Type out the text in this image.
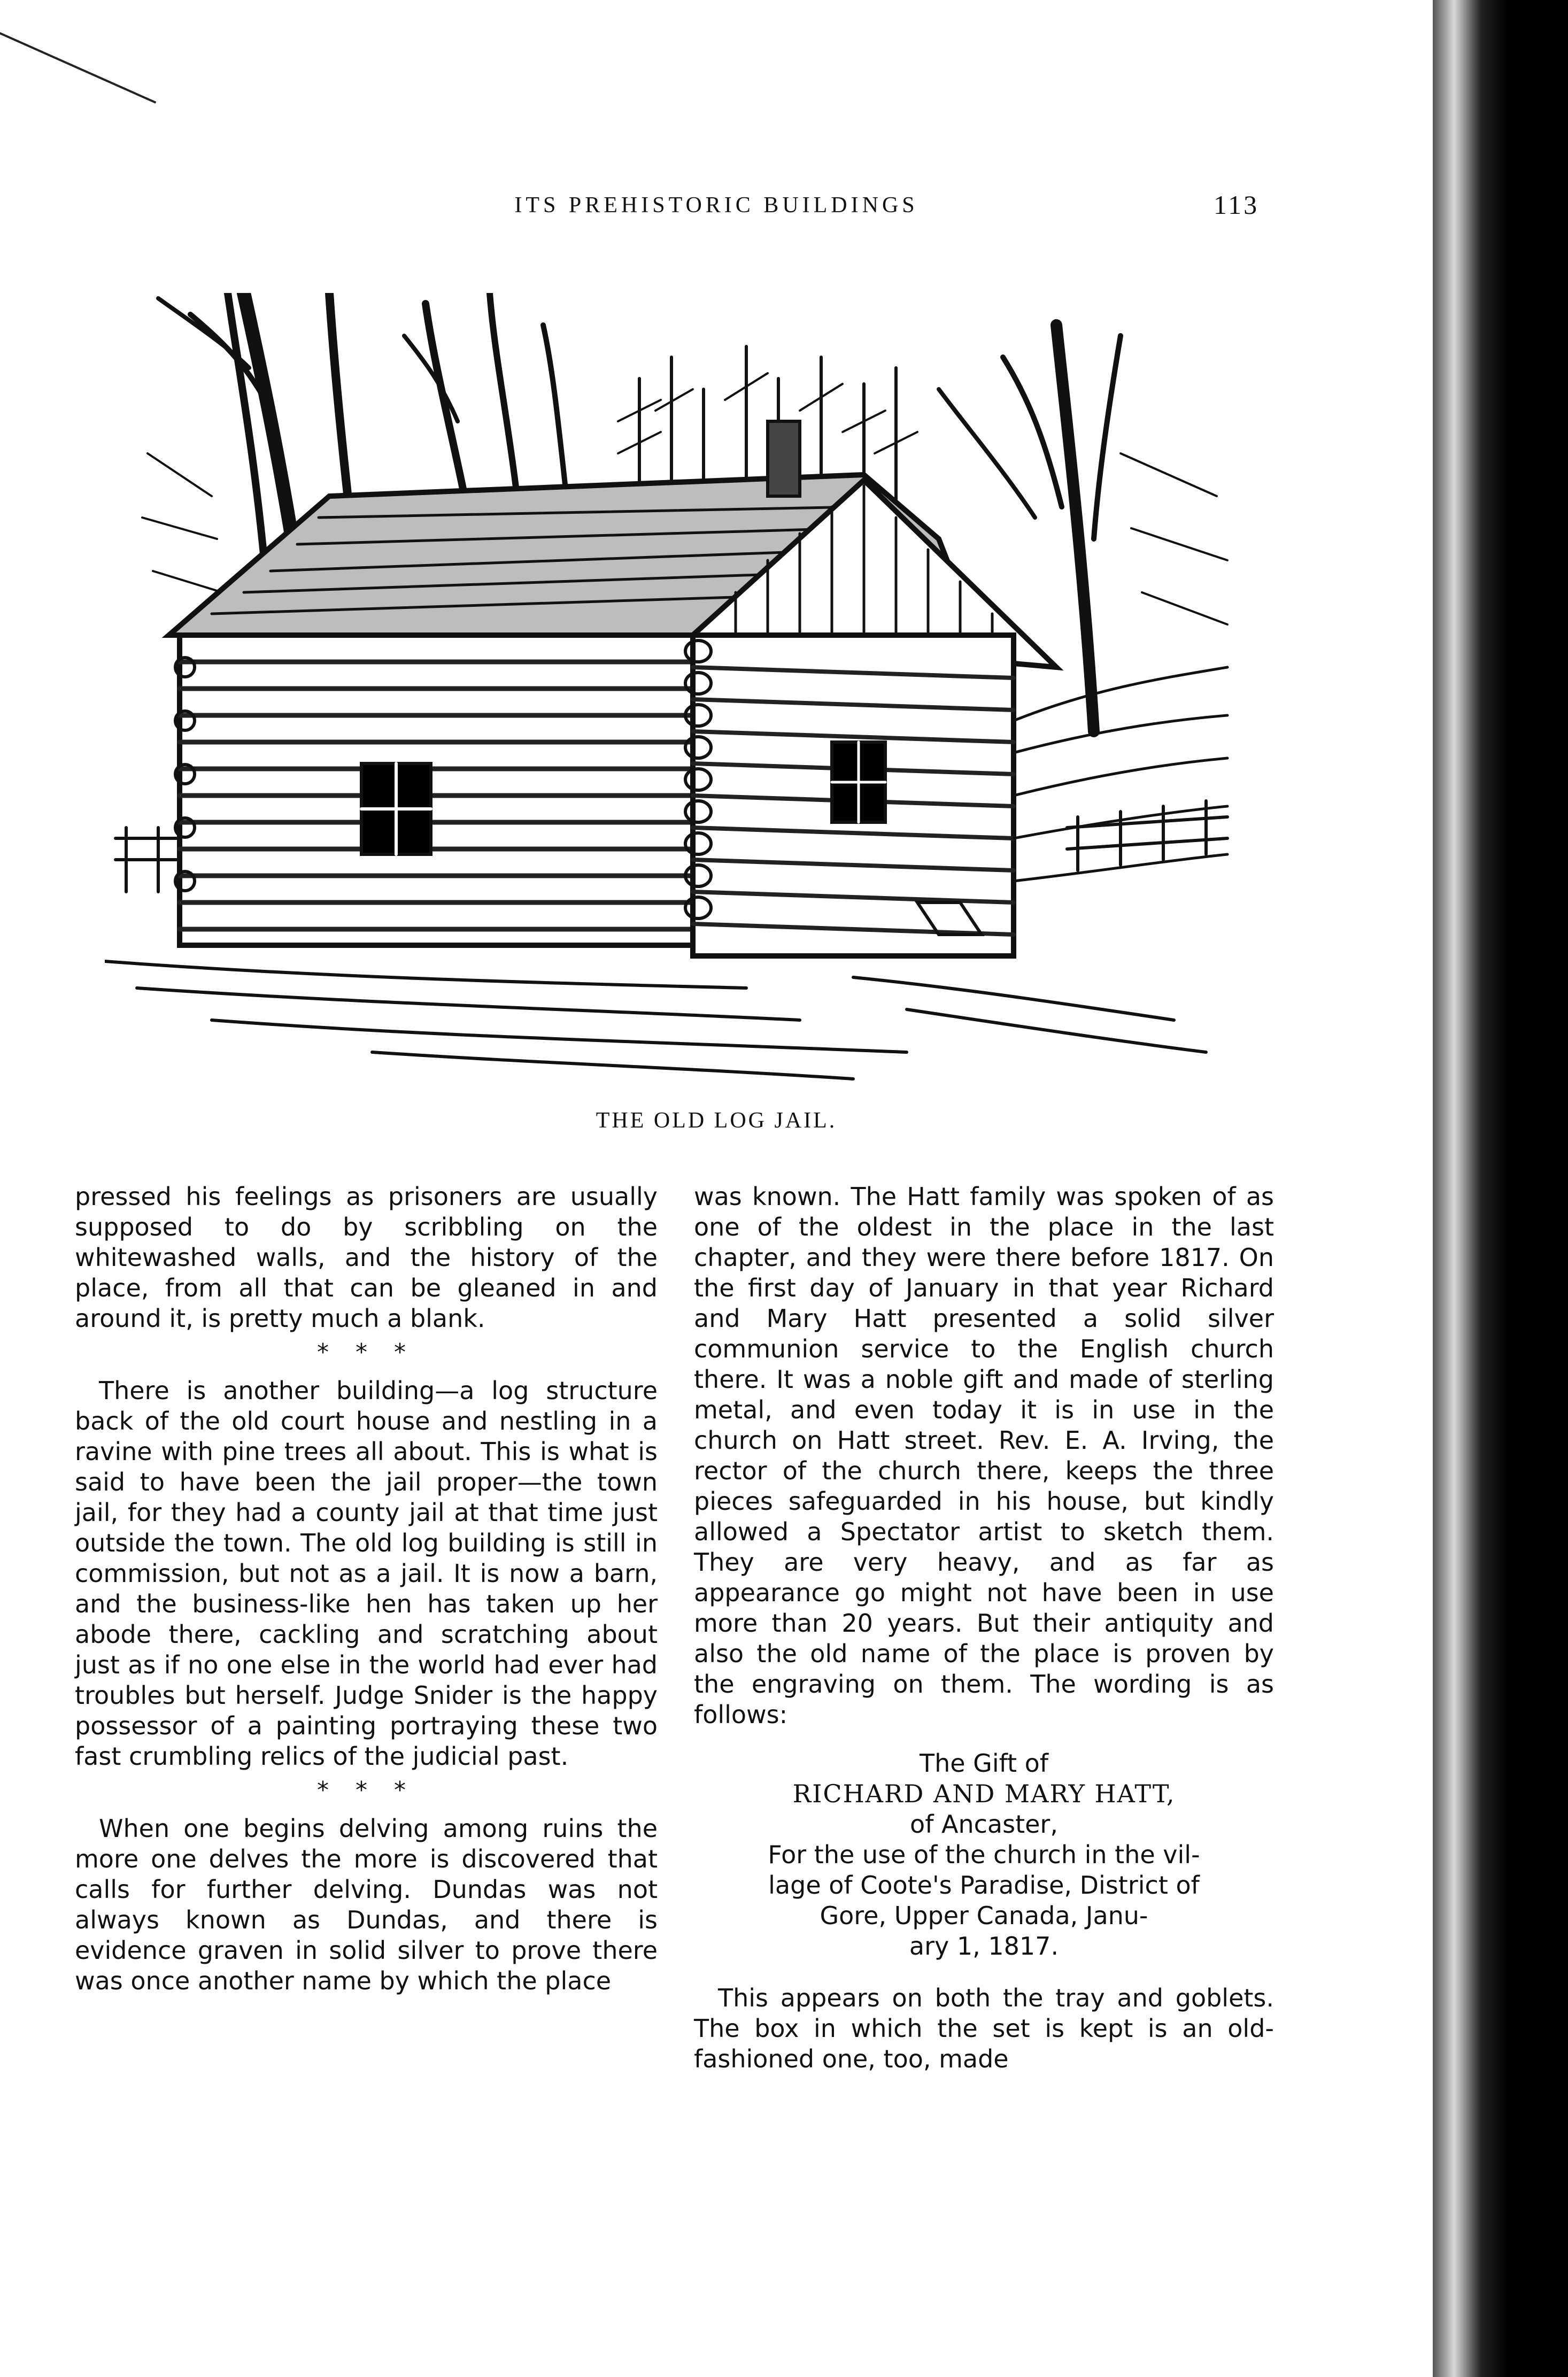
ITS PREHISTORIC BUILDINGS	113
THE OLD LOG JAIL.

pressed his feelings as prisoners are usually supposed to do by scribbling on the whitewashed walls, and the history of the place, from all that can be gleaned in and around it, is pretty much a blank.

* * *

There is another building—a log structure back of the old court house and nestling in a ravine with pine trees all about. This is what is said to have been the jail proper—the town jail, for they had a county jail at that time just outside the town. The old log building is still in commission, but not as a jail. It is now a barn, and the business-like hen has taken up her abode there, cackling and scratching about just as if no one else in the world had ever had troubles but herself. Judge Snider is the happy possessor of a painting portraying these two fast crumbling relics of the judicial past.

* * *

When one begins delving among ruins the more one delves the more is discovered that calls for further delving. Dundas was not always known as Dundas, and there is evidence graven in solid silver to prove there was once another name by which the place

was known. The Hatt family was spoken of as one of the oldest in the place in the last chapter, and they were there before 1817. On the first day of January in that year Richard and Mary Hatt presented a solid silver communion service to the English church there. It was a noble gift and made of sterling metal, and even today it is in use in the church on Hatt street. Rev. E. A. Irving, the rector of the church there, keeps the three pieces safeguarded in his house, but kindly allowed a Spectator artist to sketch them. They are very heavy, and as far as appearance go might not have been in use more than 20 years. But their antiquity and also the old name of the place is proven by the engraving on them. The wording is as follows:

The Gift of
RICHARD AND MARY HATT,
of Ancaster,
For the use of the church in the vil-
lage of Coote's Paradise, District of
Gore, Upper Canada, Janu-
ary 1, 1817.

This appears on both the tray and goblets. The box in which the set is kept is an old-fashioned one, too, made
